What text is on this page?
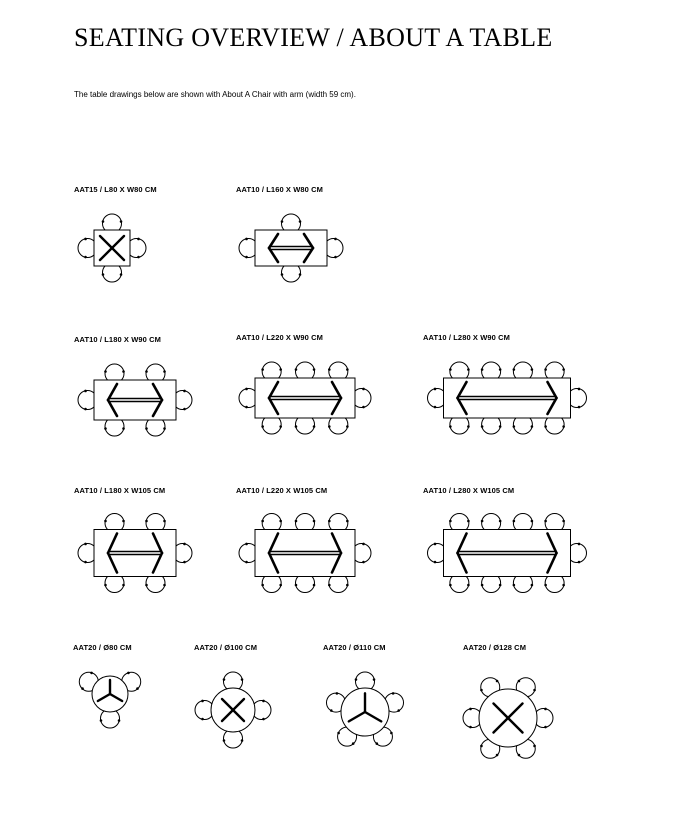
SEATING OVERVIEW / ABOUT A TABLE
The table drawings below are shown with About A Chair with arm (width 59 cm).
AAT15 / L80 X W80 CM	AAT10 / L160 X W80 CM
AAT10 / L180 X W90 CM	AAT10 / L220 X W90 CM	AAT10 / L280 X W90 CM
AAT10 / L180 X W105 CM	AAT10 / L220 X W105 CM	AAT10 / L280 X W105 CM
AAT20 / Ø80 CM	AAT20 / Ø100 CM	AAT20 / Ø110 CM	AAT20 / Ø128 CM
